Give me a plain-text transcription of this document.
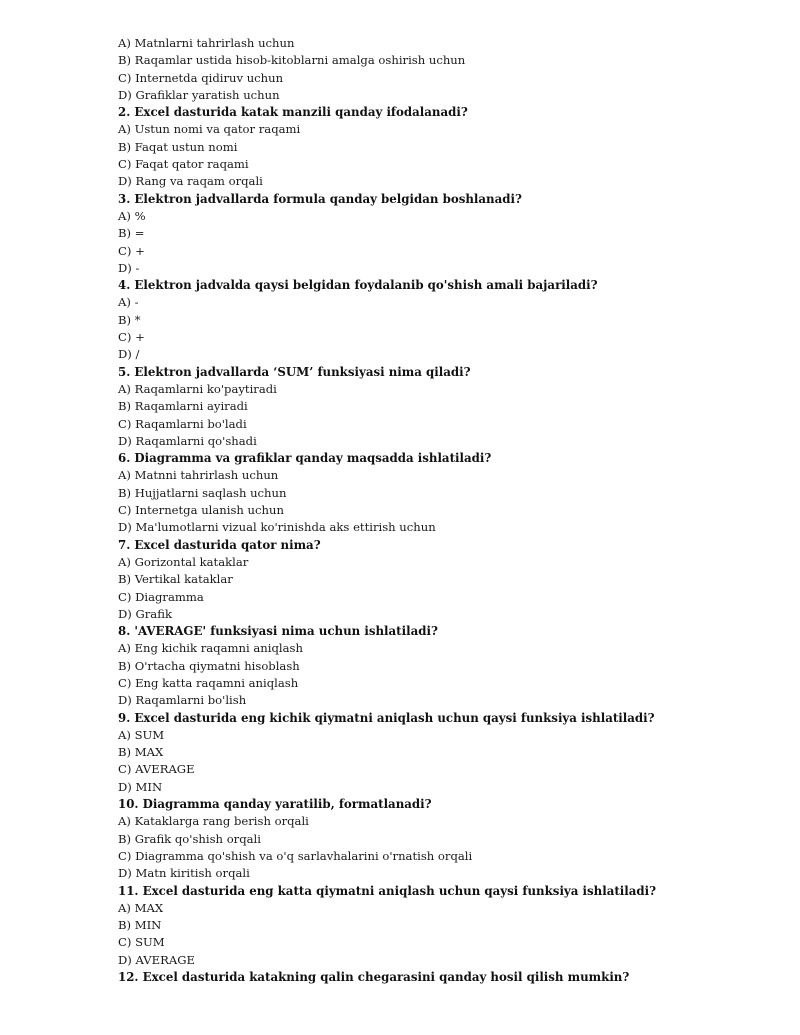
A) Matnlarni tahrirlash uchun
B) Raqamlar ustida hisob-kitoblarni amalga oshirish uchun
C) Internetda qidiruv uchun
D) Grafiklar yaratish uchun
2. Excel dasturida katak manzili qanday ifodalanadi?
A) Ustun nomi va qator raqami
B) Faqat ustun nomi
C) Faqat qator raqami
D) Rang va raqam orqali
3. Elektron jadvallarda formula qanday belgidan boshlanadi?
A) %
B) =
C) +
D) -
4. Elektron jadvalda qaysi belgidan foydalanib qo'shish amali bajariladi?
A) -
B) *
C) +
D) /
5. Elektron jadvallarda ‘SUM’ funksiyasi nima qiladi?
A) Raqamlarni ko'paytiradi
B) Raqamlarni ayiradi
C) Raqamlarni bo'ladi
D) Raqamlarni qo'shadi
6. Diagramma va grafiklar qanday maqsadda ishlatiladi?
A) Matnni tahrirlash uchun
B) Hujjatlarni saqlash uchun
C) Internetga ulanish uchun
D) Ma'lumotlarni vizual ko'rinishda aks ettirish uchun
7. Excel dasturida qator nima?
A) Gorizontal kataklar
B) Vertikal kataklar
C) Diagramma
D) Grafik
8. 'AVERAGE' funksiyasi nima uchun ishlatiladi?
A) Eng kichik raqamni aniqlash
B) O'rtacha qiymatni hisoblash
C) Eng katta raqamni aniqlash
D) Raqamlarni bo'lish
9. Excel dasturida eng kichik qiymatni aniqlash uchun qaysi funksiya ishlatiladi?
A) SUM
B) MAX
C) AVERAGE
D) MIN
10. Diagramma qanday yaratilib, formatlanadi?
A) Kataklarga rang berish orqali
B) Grafik qo'shish orqali
C) Diagramma qo'shish va o'q sarlavhalarini o'rnatish orqali
D) Matn kiritish orqali
11. Excel dasturida eng katta qiymatni aniqlash uchun qaysi funksiya ishlatiladi?
A) MAX
B) MIN
C) SUM
D) AVERAGE
12. Excel dasturida katakning qalin chegarasini qanday hosil qilish mumkin?
